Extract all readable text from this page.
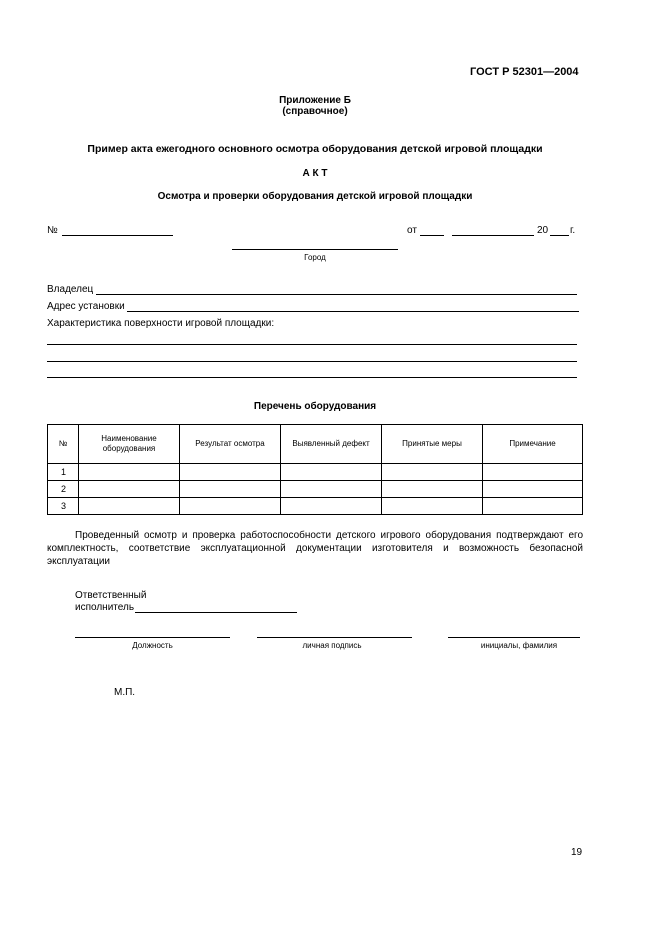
ГОСТ Р 52301—2004
Приложение Б
(справочное)
Пример акта ежегодного основного осмотра оборудования детской игровой площадки
А К Т
Осмотра и проверки оборудования детской игровой площадки
№	от	20 г.
Город
Владелец
Адрес установки
Характеристика поверхности игровой площадки:
Перечень оборудования
№	Наименование оборудования	Результат осмотра	Выявленный дефект	Принятые меры	Примечание
1					
2					
3					
Проведенный осмотр и проверка работоспособности детского игрового оборудования подтверждают его комплектность, соответствие эксплуатационной документации изготовителя и возможность безопасной эксплуатации
Ответственный
исполнитель
Должность	личная подпись	инициалы, фамилия
М.П.
19
